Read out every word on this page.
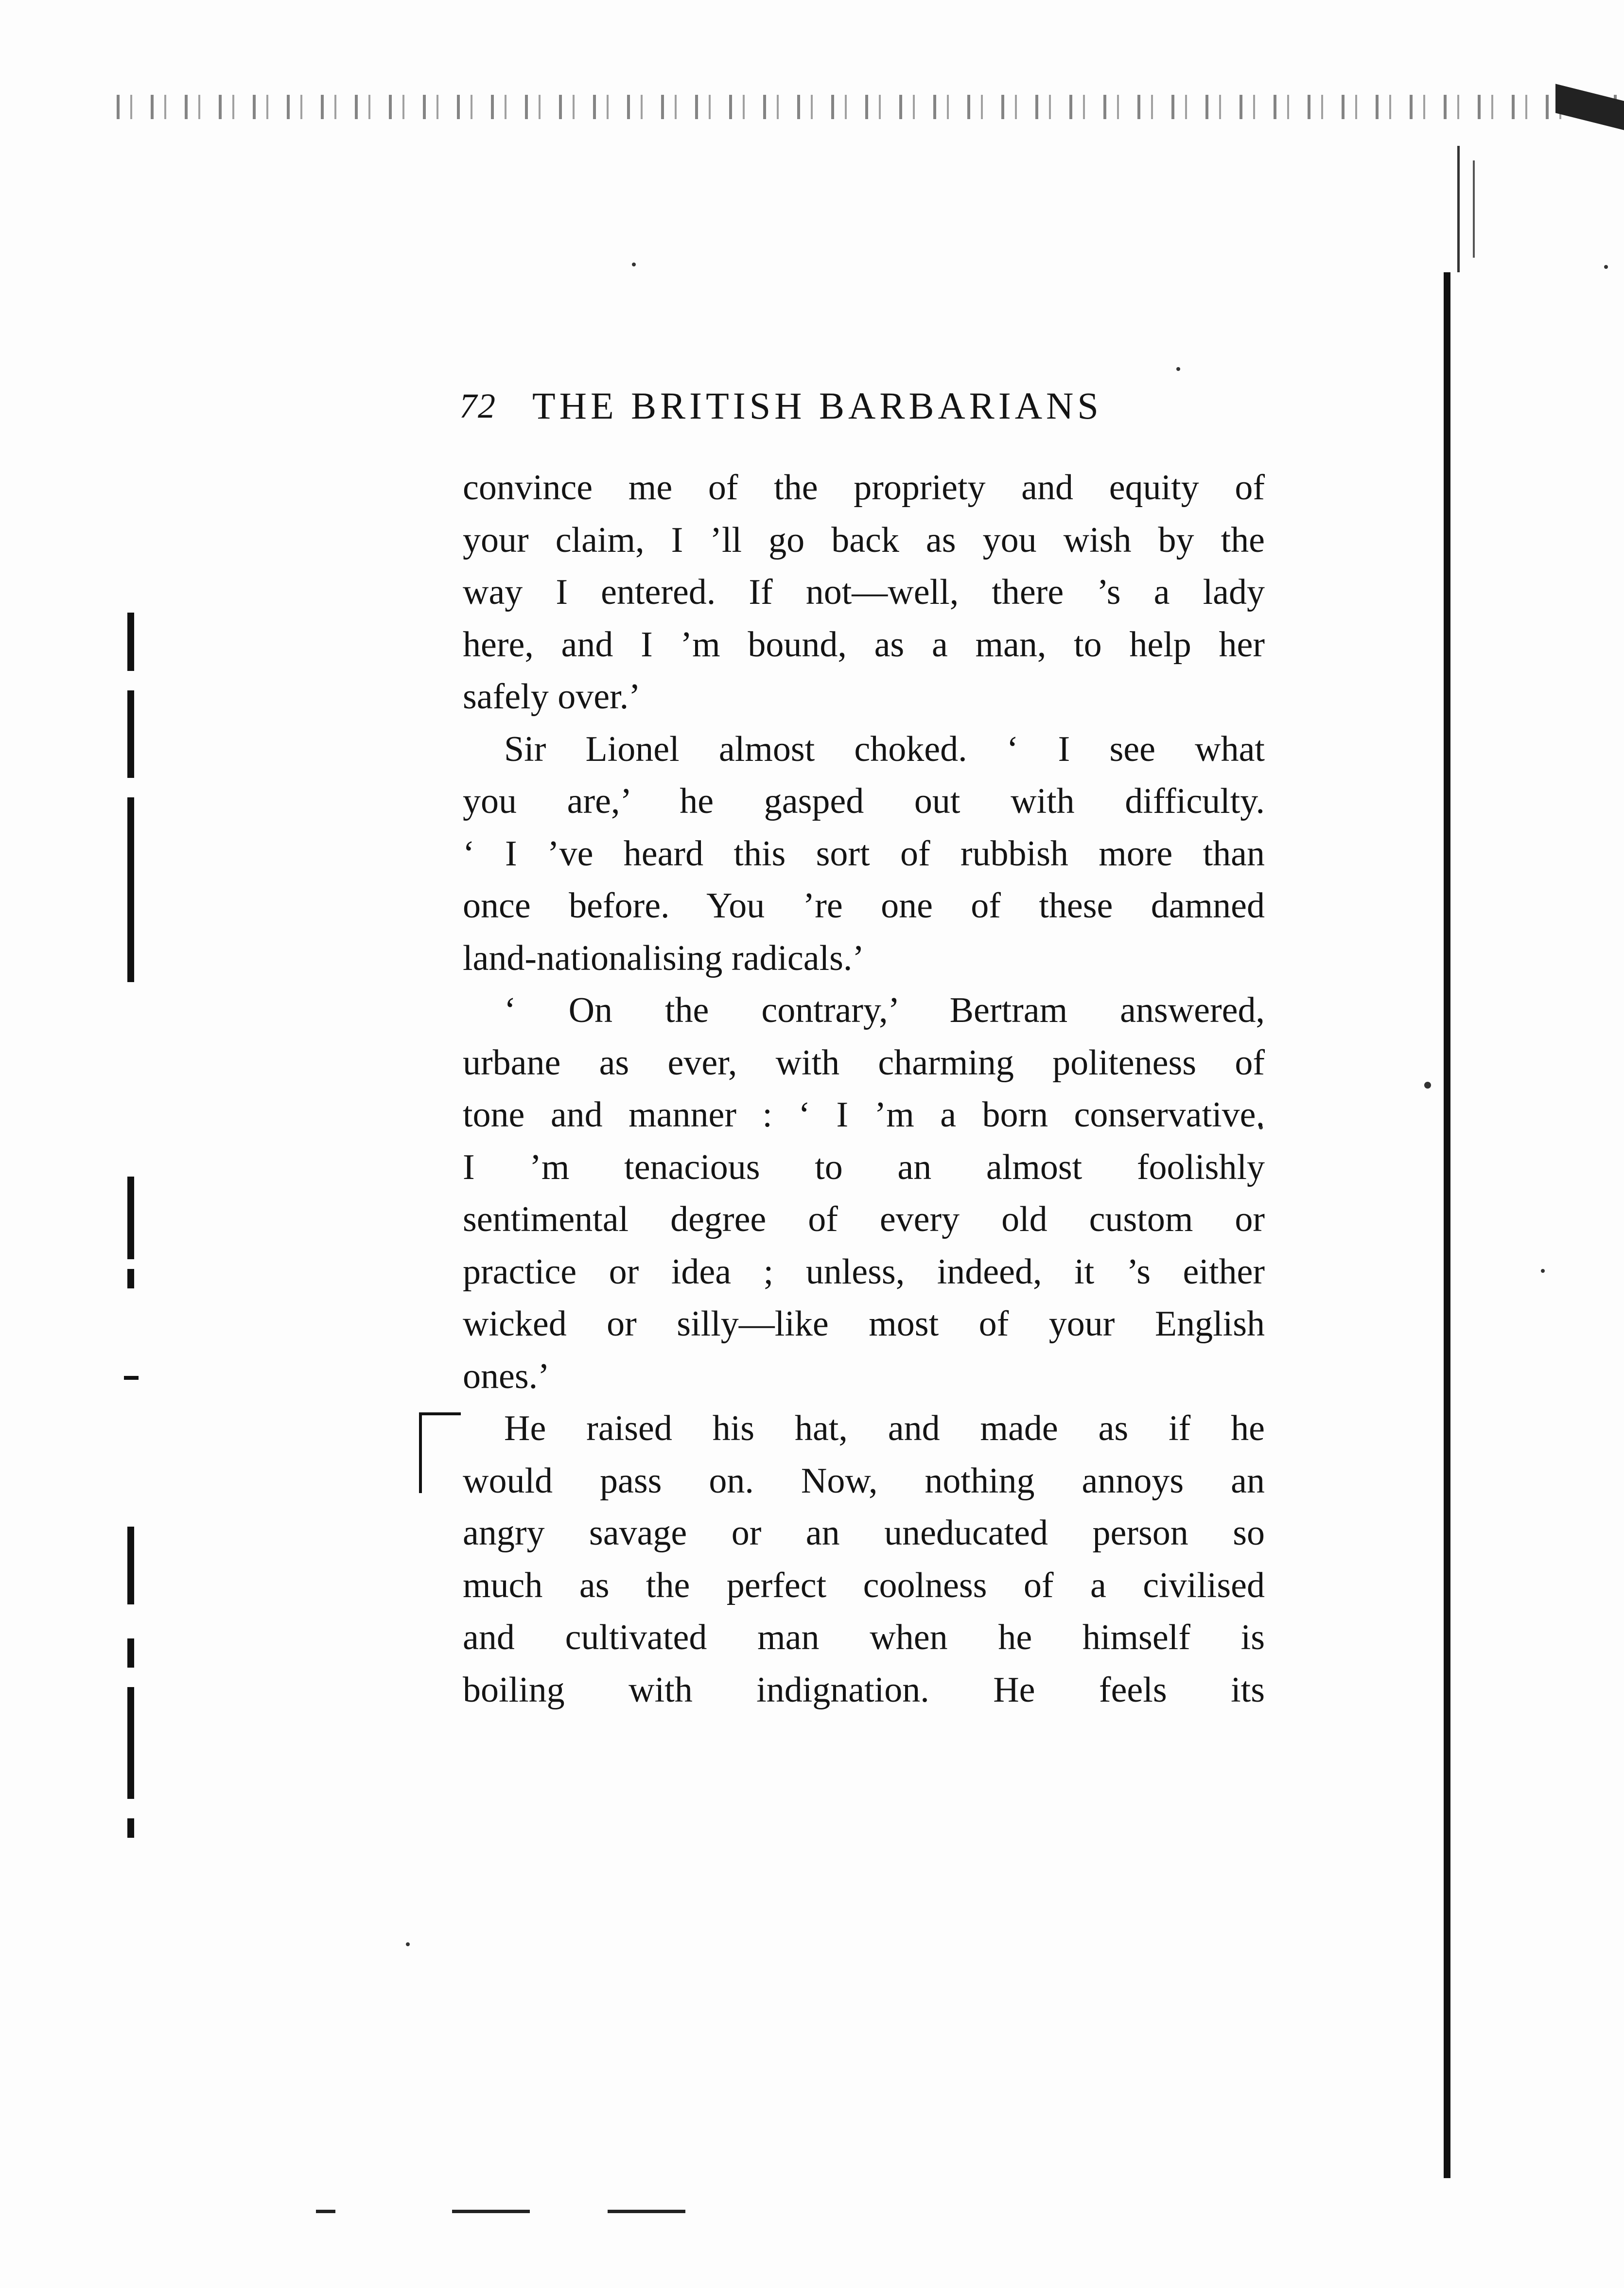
72 THE BRITISH BARBARIANS
convince me of the propriety and equity of
your claim, I ’ll go back as you wish by the
way I entered. If not—well, there ’s a lady
here, and I ’m bound, as a man, to help her
safely over.’
Sir Lionel almost choked. ‘ I see what
you are,’ he gasped out with difficulty.
‘ I ’ve heard this sort of rubbish more than
once before. You ’re one of these damned
land-nationalising radicals.’
‘ On the contrary,’ Bertram answered,
urbane as ever, with charming politeness of
tone and manner : ‘ I ’m a born conservative.
I ’m tenacious to an almost foolishly
sentimental degree of every old custom or
practice or idea ; unless, indeed, it ’s either
wicked or silly—like most of your English
ones.’
He raised his hat, and made as if he
would pass on. Now, nothing annoys an
angry savage or an uneducated person so
much as the perfect coolness of a civilised
and cultivated man when he himself is
boiling with indignation. He feels its
